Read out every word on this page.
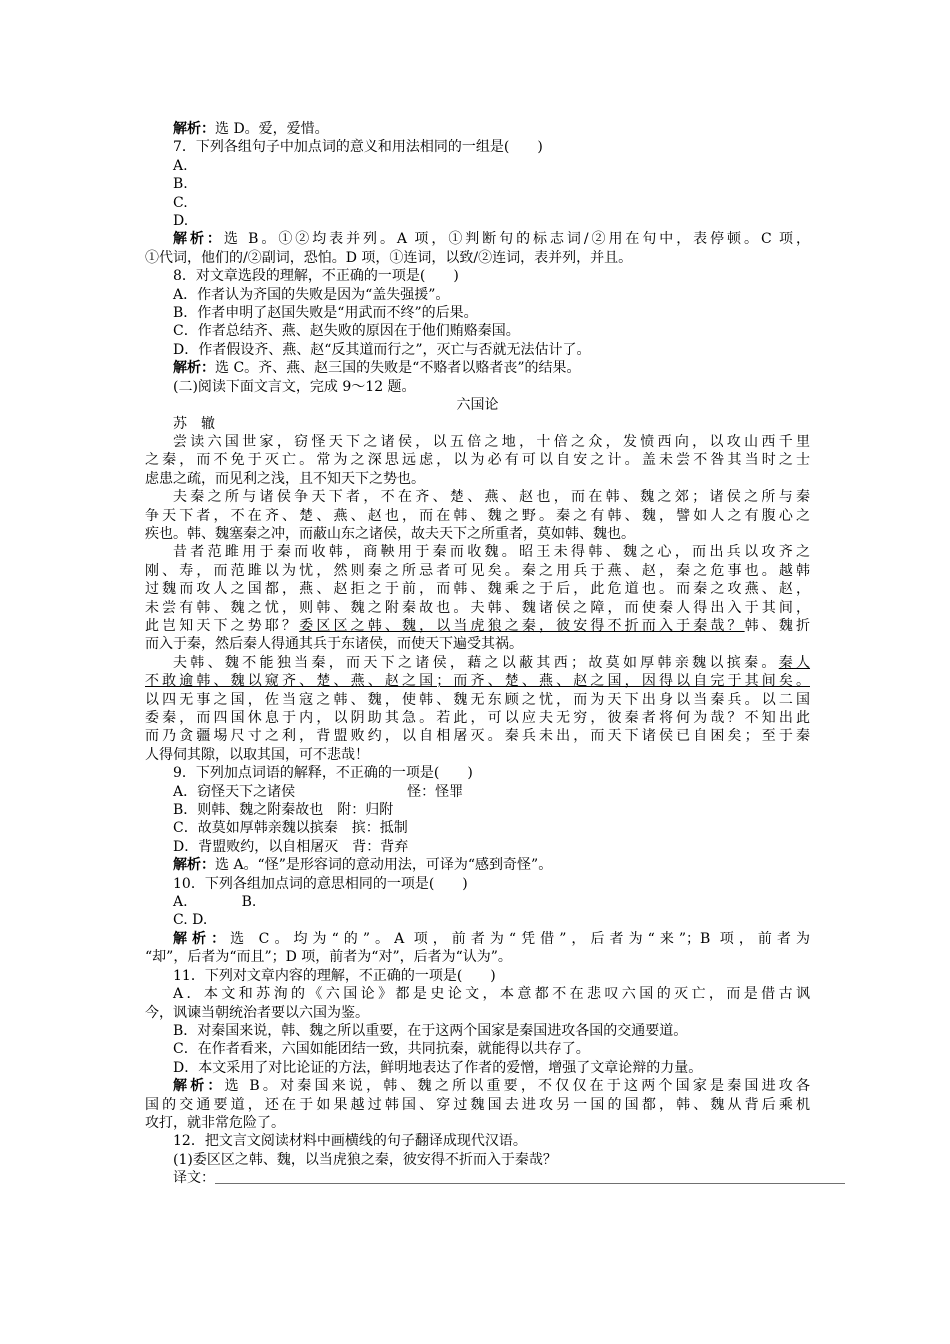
解析：选 D。爱，爱惜。
7．下列各组句子中加点词的意义和用法相同的一组是(　　)
A.
B.
C.
D.
解析：选 B。①②均表并列。A 项，①判断句的标志词/②用在句中，表停顿。C 项，
①代词，他们的/②副词，恐怕。D 项，①连词，以致/②连词，表并列，并且。
8．对文章选段的理解，不正确的一项是(　　)
A．作者认为齐国的失败是因为“盖失强援”。
B．作者申明了赵国失败是“用武而不终”的后果。
C．作者总结齐、燕、赵失败的原因在于他们贿赂秦国。
D．作者假设齐、燕、赵“反其道而行之”，灭亡与否就无法估计了。
解析：选 C。齐、燕、赵三国的失败是“不赂者以赂者丧”的结果。
(二)阅读下面文言文，完成 9～12 题。
六国论
苏　辙
尝读六国世家，窃怪天下之诸侯，以五倍之地，十倍之众，发愤西向，以攻山西千里
之秦，而不免于灭亡。常为之深思远虑，以为必有可以自安之计。盖未尝不咎其当时之士
虑患之疏，而见利之浅，且不知天下之势也。
夫秦之所与诸侯争天下者，不在齐、楚、燕、赵也，而在韩、魏之郊；诸侯之所与秦
争天下者，不在齐、楚、燕、赵也，而在韩、魏之野。秦之有韩、魏，譬如人之有腹心之
疾也。韩、魏塞秦之冲，而蔽山东之诸侯，故夫天下之所重者，莫如韩、魏也。
昔者范雎用于秦而收韩，商鞅用于秦而收魏。昭王未得韩、魏之心，而出兵以攻齐之
刚、寿，而范雎以为忧，然则秦之所忌者可见矣。秦之用兵于燕、赵，秦之危事也。越韩
过魏而攻人之国都，燕、赵拒之于前，而韩、魏乘之于后，此危道也。而秦之攻燕、赵，
未尝有韩、魏之忧，则韩、魏之附秦故也。夫韩、魏诸侯之障，而使秦人得出入于其间，
此岂知天下之势耶？委区区之韩、魏，以当虎狼之秦，彼安得不折而入于秦哉？韩、魏折
而入于秦，然后秦人得通其兵于东诸侯，而使天下遍受其祸。
夫韩、魏不能独当秦，而天下之诸侯，藉之以蔽其西；故莫如厚韩亲魏以摈秦。秦人
不敢逾韩、魏以窥齐、楚、燕、赵之国；而齐、楚、燕、赵之国，因得以自完于其间矣。
以四无事之国，佐当寇之韩、魏，使韩、魏无东顾之忧，而为天下出身以当秦兵。以二国
委秦，而四国休息于内，以阴助其急。若此，可以应夫无穷，彼秦者将何为哉？不知出此
而乃贪疆埸尺寸之利，背盟败约，以自相屠灭。秦兵未出，而天下诸侯已自困矣；至于秦
人得伺其隙，以取其国，可不悲哉！
9．下列加点词语的解释，不正确的一项是(　　)
A．窃怪天下之诸侯	怪：怪罪
B．则韩、魏之附秦故也　附：归附
C．故莫如厚韩亲魏以摈秦　摈：抵制
D．背盟败约，以自相屠灭　背：背弃
解析：选 A。“怪”是形容词的意动用法，可译为“感到奇怪”。
10．下列各组加点词的意思相同的一项是(　　)
A.	B.
C. D.
解析：选 C。均为“的”。A 项，前者为“凭借”，后者为“来”；B 项，前者为
“却”，后者为“而且”；D 项，前者为“对”，后者为“认为”。
11．下列对文章内容的理解，不正确的一项是(　　)
A．本文和苏洵的《六国论》都是史论文，本意都不在悲叹六国的灭亡，而是借古讽
今，讽谏当朝统治者要以六国为鉴。
B．对秦国来说，韩、魏之所以重要，在于这两个国家是秦国进攻各国的交通要道。
C．在作者看来，六国如能团结一致，共同抗秦，就能得以共存了。
D．本文采用了对比论证的方法，鲜明地表达了作者的爱憎，增强了文章论辩的力量。
解析：选 B。对秦国来说，韩、魏之所以重要，不仅仅在于这两个国家是秦国进攻各
国的交通要道，还在于如果越过韩国、穿过魏国去进攻另一国的国都，韩、魏从背后乘机
攻打，就非常危险了。
12．把文言文阅读材料中画横线的句子翻译成现代汉语。
(1)委区区之韩、魏，以当虎狼之秦，彼安得不折而入于秦哉？
译文：＿＿＿＿＿＿＿＿＿＿＿＿＿＿＿＿＿＿＿＿＿＿＿＿＿＿＿＿＿＿＿＿＿＿＿＿＿＿＿＿＿＿＿＿＿
